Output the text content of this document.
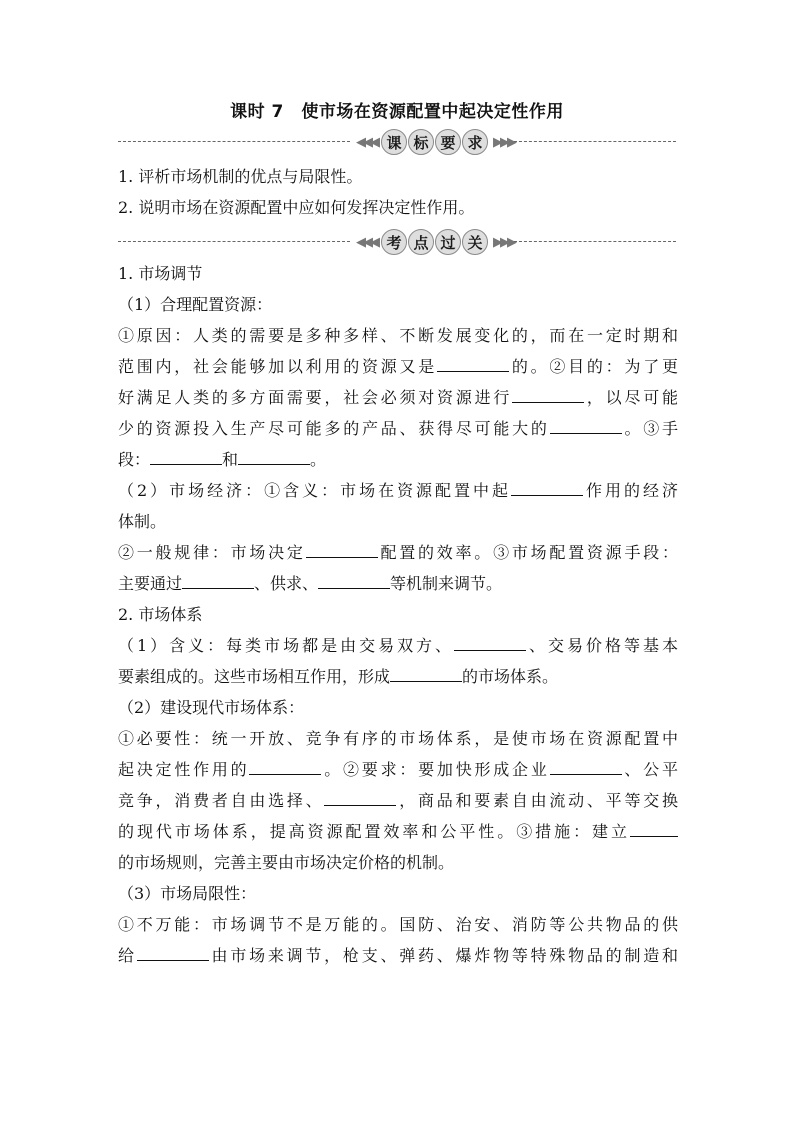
课时 7　使市场在资源配置中起决定性作用
◀◀◀ 课 标 要 求 ▶▶▶

1. 评析市场机制的优点与局限性。

2. 说明市场在资源配置中应如何发挥决定性作用。

◀◀◀ 考 点 过 关 ▶▶▶

1. 市场调节

（1）合理配置资源：

①原因：人类的需要是多种多样、不断发展变化的，而在一定时期和

范围内，社会能够加以利用的资源又是	的。②目的：为了更

好满足人类的多方面需要，社会必须对资源进行	，以尽可能

少的资源投入生产尽可能多的产品、获得尽可能大的	。③手

段：	和	。

（2）市场经济：①含义：市场在资源配置中起	作用的经济

体制。

②一般规律：市场决定	配置的效率。③市场配置资源手段：

主要通过	、供求、	等机制来调节。

2. 市场体系

（1）含义：每类市场都是由交易双方、	、交易价格等基本

要素组成的。这些市场相互作用，形成	的市场体系。

（2）建设现代市场体系：

①必要性：统一开放、竞争有序的市场体系，是使市场在资源配置中

起决定性作用的	。②要求：要加快形成企业	、公平

竞争，消费者自由选择、	，商品和要素自由流动、平等交换

的现代市场体系，提高资源配置效率和公平性。③措施：建立

的市场规则，完善主要由市场决定价格的机制。

（3）市场局限性：

①不万能：市场调节不是万能的。国防、治安、消防等公共物品的供

给	由市场来调节，枪支、弹药、爆炸物等特殊物品的制造和
